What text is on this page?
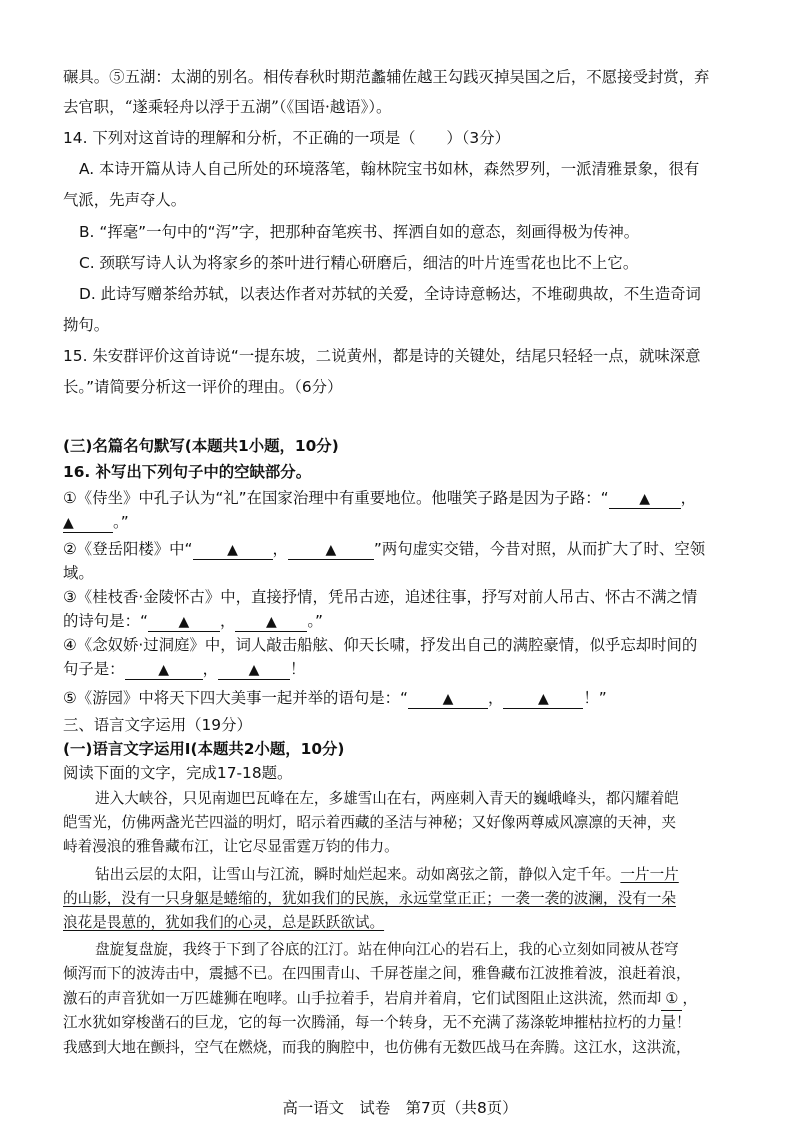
碾具。⑤五湖：太湖的别名。相传春秋时期范蠡辅佐越王勾践灭掉吴国之后，不愿接受封赏，弃
去官职，“遂乘轻舟以浮于五湖”（《国语·越语》）。
14. 下列对这首诗的理解和分析，不正确的一项是（　　）（3分）
A. 本诗开篇从诗人自己所处的环境落笔，翰林院宝书如林，森然罗列，一派清雅景象，很有
气派，先声夺人。
B. “挥毫”一句中的“泻”字，把那种奋笔疾书、挥洒自如的意态，刻画得极为传神。
C. 颈联写诗人认为将家乡的茶叶进行精心研磨后，细洁的叶片连雪花也比不上它。
D. 此诗写赠茶给苏轼，以表达作者对苏轼的关爱，全诗诗意畅达，不堆砌典故，不生造奇词
拗句。
15. 朱安群评价这首诗说“一提东坡，二说黄州，都是诗的关键处，结尾只轻轻一点，就味深意
长。”请简要分析这一评价的理由。（6分）
(三)名篇名句默写(本题共1小题，10分)
16. 补写出下列句子中的空缺部分。
①《侍坐》中孔子认为“礼”在国家治理中有重要地位。他嗤笑子路是因为子路：“ ▲ ，
▲	。”
②《登岳阳楼》中“ ▲ ，	▲ ”两句虚实交错，今昔对照，从而扩大了时、空领
域。
③《桂枝香·金陵怀古》中，直接抒情，凭吊古迹，追述往事，抒写对前人吊古、怀古不满之情
的诗句是：“ ▲ ， ▲ 。”
④《念奴娇·过洞庭》中，词人敲击船舷、仰天长啸，抒发出自己的满腔豪情，似乎忘却时间的
句子是： ▲ ， ▲ ！
⑤《游园》中将天下四大美事一起并举的语句是：“ ▲ ， ▲ ！”
三、语言文字运用（19分）
(一)语言文字运用Ⅰ(本题共2小题，10分)
阅读下面的文字，完成17-18题。
进入大峡谷，只见南迦巴瓦峰在左，多雄雪山在右，两座刺入青天的巍峨峰头，都闪耀着皑
皑雪光，仿佛两盏光芒四溢的明灯，昭示着西藏的圣洁与神秘；又好像两尊威风凛凛的天神，夹
峙着漫浪的雅鲁藏布江，让它尽显雷霆万钧的伟力。
钻出云层的太阳，让雪山与江流，瞬时灿烂起来。动如离弦之箭，静似入定千年。一片一片
的山影，没有一只身躯是蜷缩的，犹如我们的民族，永远堂堂正正；一袭一袭的波澜，没有一朵
浪花是畏葸的，犹如我们的心灵，总是跃跃欲试。
盘旋复盘旋，我终于下到了谷底的江汀。站在伸向江心的岩石上，我的心立刻如同被从苍穹
倾泻而下的波涛击中，震撼不已。在四围青山、千屏苍崖之间，雅鲁藏布江波推着波，浪赶着浪，
激石的声音犹如一万匹雄狮在咆哮。山手拉着手，岩肩并着肩，它们试图阻止这洪流，然而却 ① ，
江水犹如穿梭凿石的巨龙，它的每一次腾涌，每一个转身，无不充满了荡涤乾坤摧枯拉朽的力量！
我感到大地在颤抖，空气在燃烧，而我的胸腔中，也仿佛有无数匹战马在奔腾。这江水，这洪流，
高一语文　试卷　第7页（共8页）
